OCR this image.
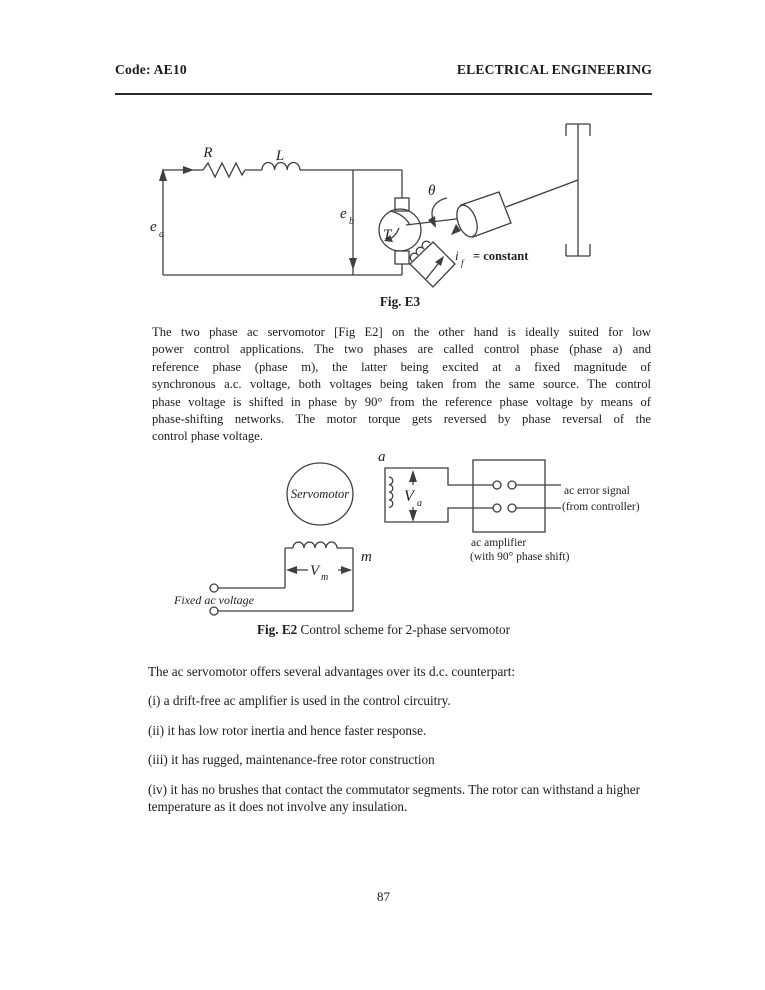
Code: AE10	ELECTRICAL ENGINEERING
R	L
e a
e b
T
θ
i f = constant
Fig. E3
The two phase ac servomotor [Fig E2] on the other hand is ideally suited for low
power control applications. The two phases are called control phase (phase a) and
reference phase (phase m), the latter being excited at a fixed magnitude of
synchronous a.c. voltage, both voltages being taken from the same source. The control
phase voltage is shifted in phase by 90° from the reference phase voltage by means of
phase-shifting networks. The motor torque gets reversed by phase reversal of the
control phase voltage.
Servomotor
a
V a
ac error signal
(from controller)
ac amplifier
(with 90° phase shift)
V m
m
Fixed ac voltage
Fig. E2 Control scheme for 2-phase servomotor
The ac servomotor offers several advantages over its d.c. counterpart:
(i) a drift-free ac amplifier is used in the control circuitry.
(ii) it has low rotor inertia and hence faster response.
(iii) it has rugged, maintenance-free rotor construction
(iv) it has no brushes that contact the commutator segments. The rotor can withstand a higher temperature as it does not involve any insulation.
87
